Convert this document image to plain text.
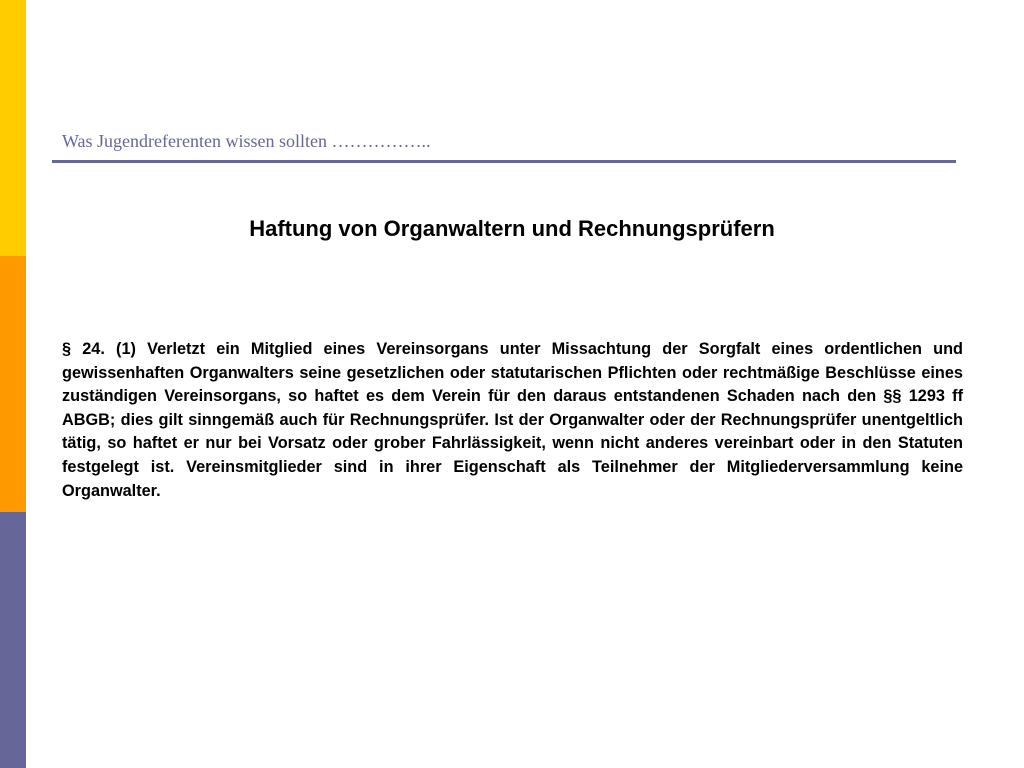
Was Jugendreferenten wissen sollten ……………..
Haftung von Organwaltern und Rechnungsprüfern

§ 24. (1) Verletzt ein Mitglied eines Vereinsorgans unter Missachtung der Sorgfalt eines ordentlichen und gewissenhaften Organwalters seine gesetzlichen oder statutarischen Pflichten oder rechtmäßige Beschlüsse eines zuständigen Vereinsorgans, so haftet es dem Verein für den daraus entstandenen Schaden nach den §§ 1293 ff ABGB; dies gilt sinngemäß auch für Rechnungsprüfer. Ist der Organwalter oder der Rechnungsprüfer unentgeltlich tätig, so haftet er nur bei Vorsatz oder grober Fahrlässigkeit, wenn nicht anderes vereinbart oder in den Statuten festgelegt ist. Vereinsmitglieder sind in ihrer Eigenschaft als Teilnehmer der Mitgliederversammlung keine Organwalter.
